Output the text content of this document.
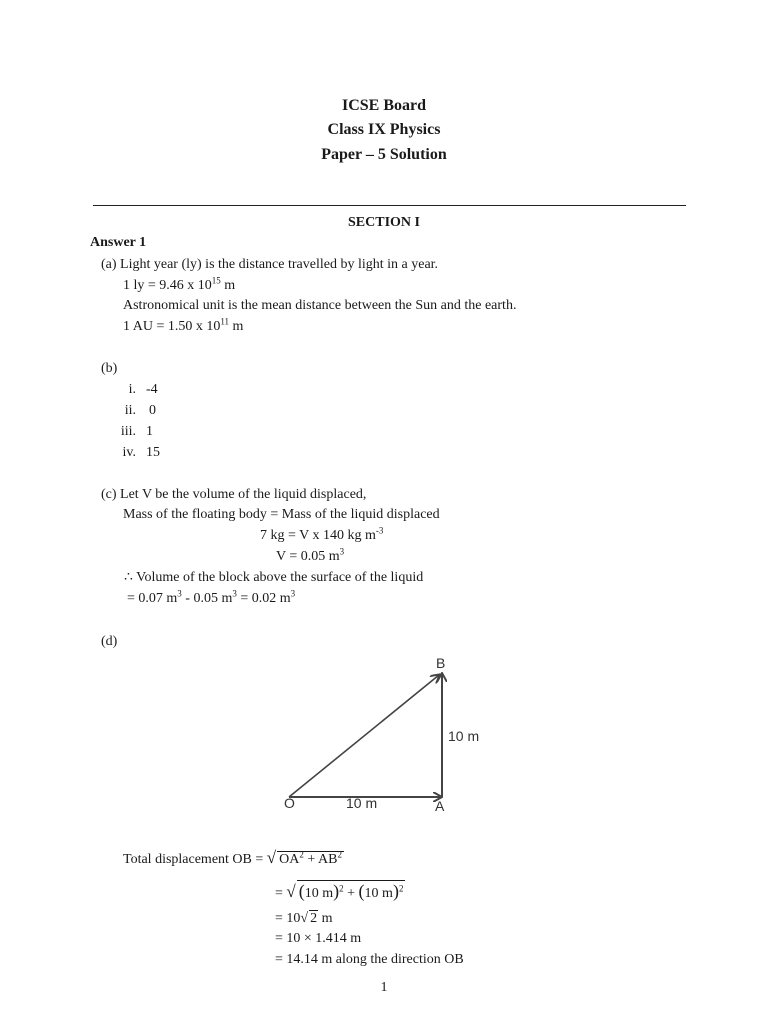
ICSE Board
Class IX Physics
Paper – 5 Solution
SECTION I
Answer 1
(a) Light year (ly) is the distance travelled by light in a year.
1 ly = 9.46 x $10^{15}$ m
Astronomical unit is the mean distance between the Sun and the earth.
1 AU = 1.50 x $10^{11}$ m
(b)
i. -4
ii. 0
iii. 1
iv. 15
(c) Let V be the volume of the liquid displaced,
Mass of the floating body = Mass of the liquid displaced
7 kg = V x 140 kg $m^{-3}$
V = 0.05 $m^3$
∴ Volume of the block above the surface of the liquid
= 0.07 $m^3 - 0.05$ $m^3 = 0.02$ $m^3$
(d)
O	A
B
10 m
10 m
Total displacement OB = √ $OA^2 + AB^2$
= √ (10 m)$^2$ + (10 m)$^2$
= 10√ 2 m
= 10 × 1.414 m
= 14.14 m along the direction OB
1
